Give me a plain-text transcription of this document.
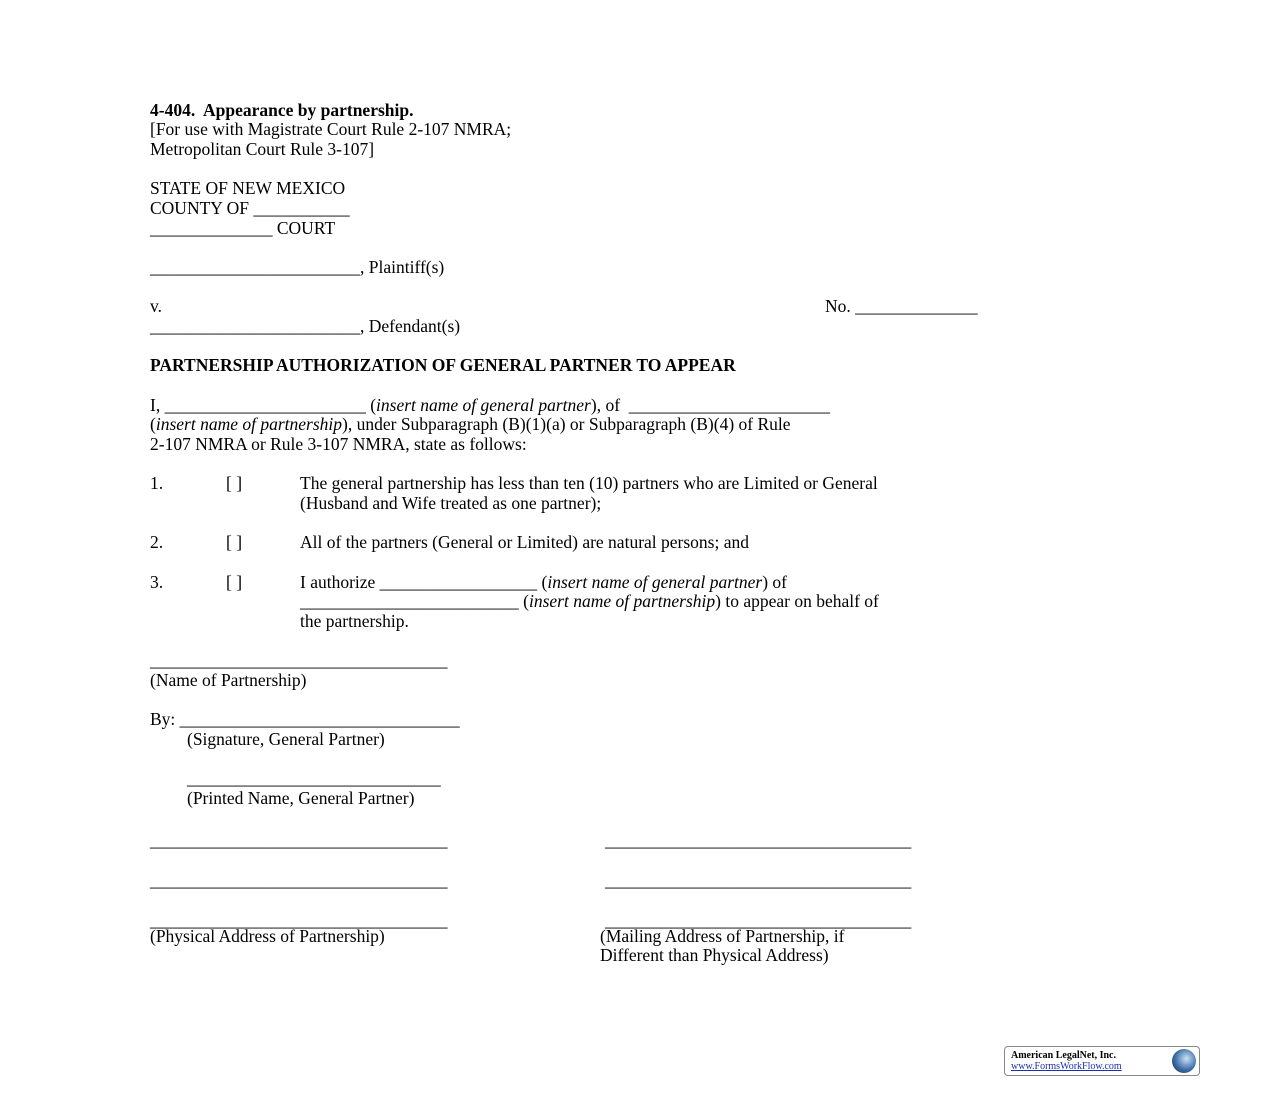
4-404.  Appearance by partnership.
[For use with Magistrate Court Rule 2-107 NMRA;
Metropolitan Court Rule 3-107]
STATE OF NEW MEXICO
COUNTY OF ___________
______________ COURT
________________________, Plaintiff(s)
v.	No. ______________
________________________, Defendant(s)
PARTNERSHIP AUTHORIZATION OF GENERAL PARTNER TO APPEAR
I, _______________________ (insert name of general partner), of  _______________________
(insert name of partnership), under Subparagraph (B)(1)(a) or Subparagraph (B)(4) of Rule
2-107 NMRA or Rule 3-107 NMRA, state as follows:
1.	[ ]	The general partnership has less than ten (10) partners who are Limited or General
(Husband and Wife treated as one partner);
2.	[ ]	All of the partners (General or Limited) are natural persons; and
3.	[ ]	I authorize __________________ (insert name of general partner) of
_________________________ (insert name of partnership) to appear on behalf of
the partnership.
__________________________________
(Name of Partnership)
By: ________________________________
(Signature, General Partner)
_____________________________
(Printed Name, General Partner)
__________________________________	___________________________________
__________________________________	___________________________________
__________________________________	___________________________________
(Physical Address of Partnership)	(Mailing Address of Partnership, if
Different than Physical Address)
American LegalNet, Inc.
www.FormsWorkFlow.com
